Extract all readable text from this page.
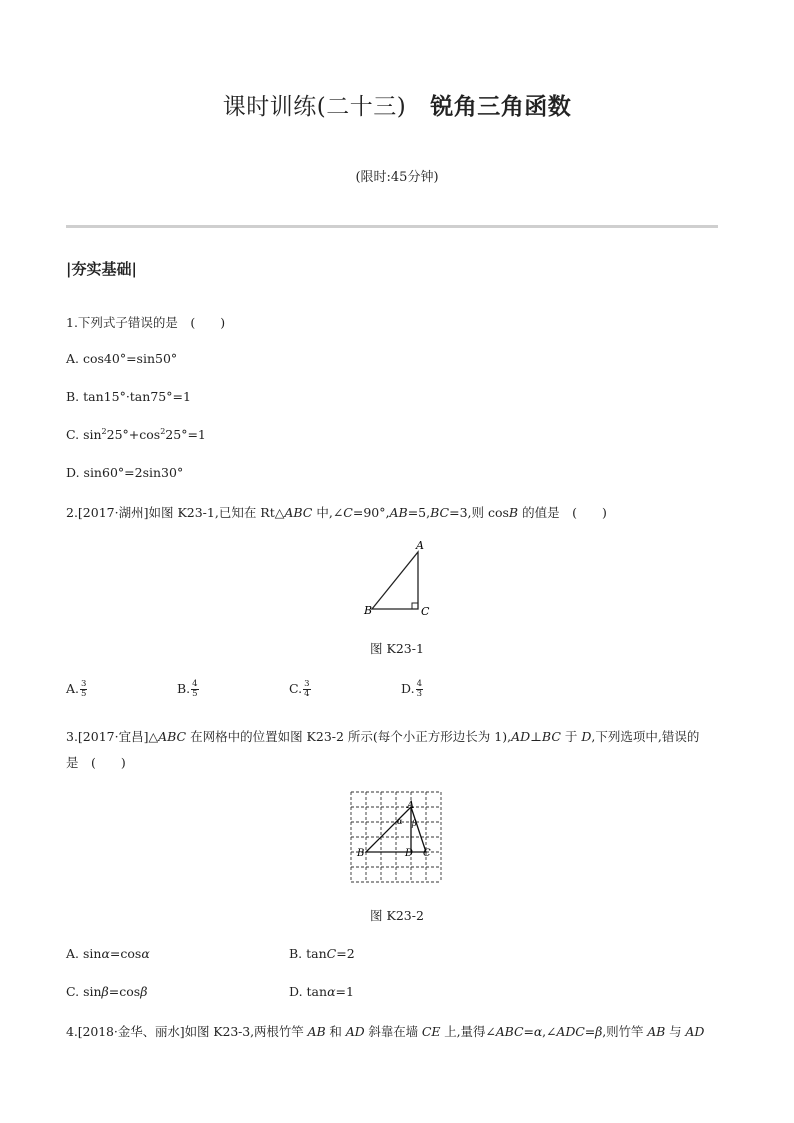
课时训练(二十三) 锐角三角函数
(限时:45分钟)
|夯实基础|
1.下列式子错误的是　(　　)
A. cos40°=sin50°
B. tan15°·tan75°=1
C. $\sin^225^\circ+\cos^225^\circ=1$
D. sin60°=2sin30°
2.[2017·湖州]如图 K23-1,已知在 Rt△ABC 中,∠C=90°,AB=5,BC=3,则 cosB 的值是　(　　)
A
B	C
图 K23-1
A. $\frac{3}{5}$	B. $\frac{4}{5}$	C. $\frac{3}{4}$	D. $\frac{4}{3}$
3.[2017·宜昌]△ABC 在网格中的位置如图 K23-2 所示(每个小正方形边长为 1),AD⊥BC 于 D,下列选项中,错误的
是　(　　)
A
α β
B	D C
图 K23-2
A. sinα=cosα	B. tanC=2
C. sinβ=cosβ	D. tanα=1
4.[2018·金华、丽水]如图 K23-3,两根竹竿 AB 和 AD 斜靠在墙 CE 上,量得∠ABC=α,∠ADC=β,则竹竿 AB 与 AD
